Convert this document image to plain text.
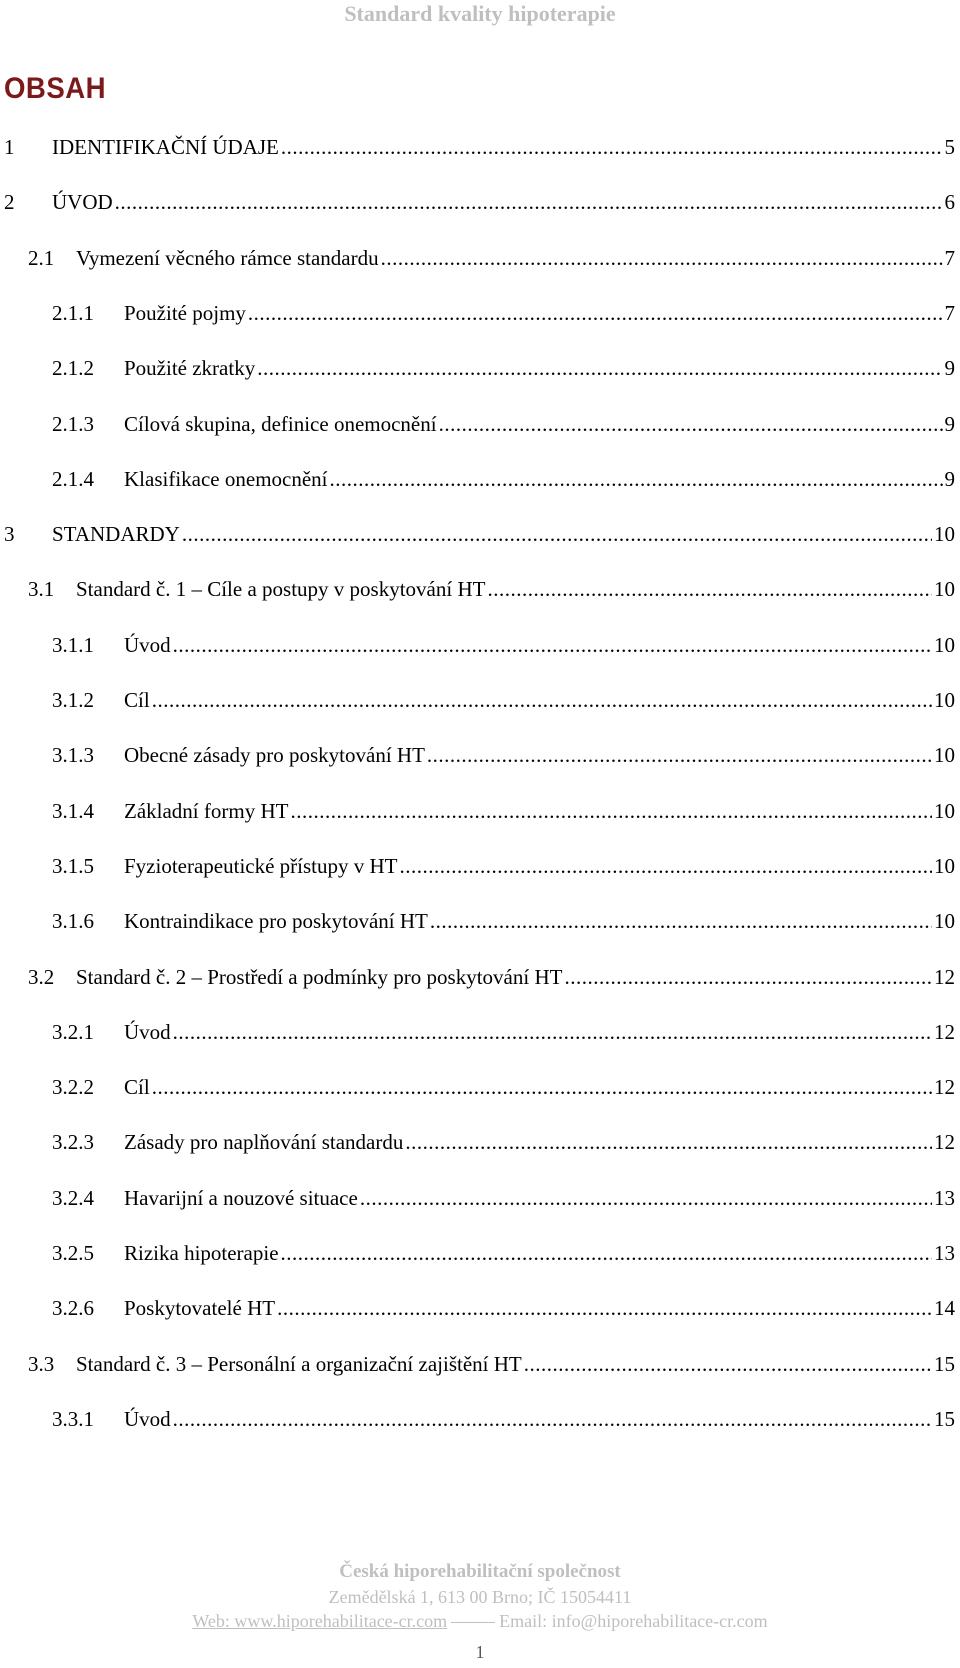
Standard kvality hipoterapie
OBSAH
1	IDENTIFIKAČNÍ ÚDAJE .....	5
2	ÚVOD .....	6
2.1	Vymezení věcného rámce standardu .....	7
2.1.1	Použité pojmy .....	7
2.1.2	Použité zkratky .....	9
2.1.3	Cílová skupina, definice onemocnění .....	9
2.1.4	Klasifikace onemocnění .....	9
3	STANDARDY .....	10
3.1	Standard č. 1 – Cíle a postupy v poskytování HT .....	10
3.1.1	Úvod .....	10
3.1.2	Cíl .....	10
3.1.3	Obecné zásady pro poskytování HT .....	10
3.1.4	Základní formy HT .....	10
3.1.5	Fyzioterapeutické přístupy v HT .....	10
3.1.6	Kontraindikace pro poskytování HT .....	10
3.2	Standard č. 2 – Prostředí a podmínky pro poskytování HT .....	12
3.2.1	Úvod .....	12
3.2.2	Cíl .....	12
3.2.3	Zásady pro naplňování standardu .....	12
3.2.4	Havarijní a nouzové situace .....	13
3.2.5	Rizika hipoterapie .....	13
3.2.6	Poskytovatelé HT .....	14
3.3	Standard č. 3 – Personální a organizační zajištění HT .....	15
3.3.1	Úvod .....	15
Česká hiporehabilitační společnost
Zemědělská 1, 613 00 Brno; IČ 15054411
Web: www.hiporehabilitace-cr.com	Email: info@hiporehabilitace-cr.com
1
